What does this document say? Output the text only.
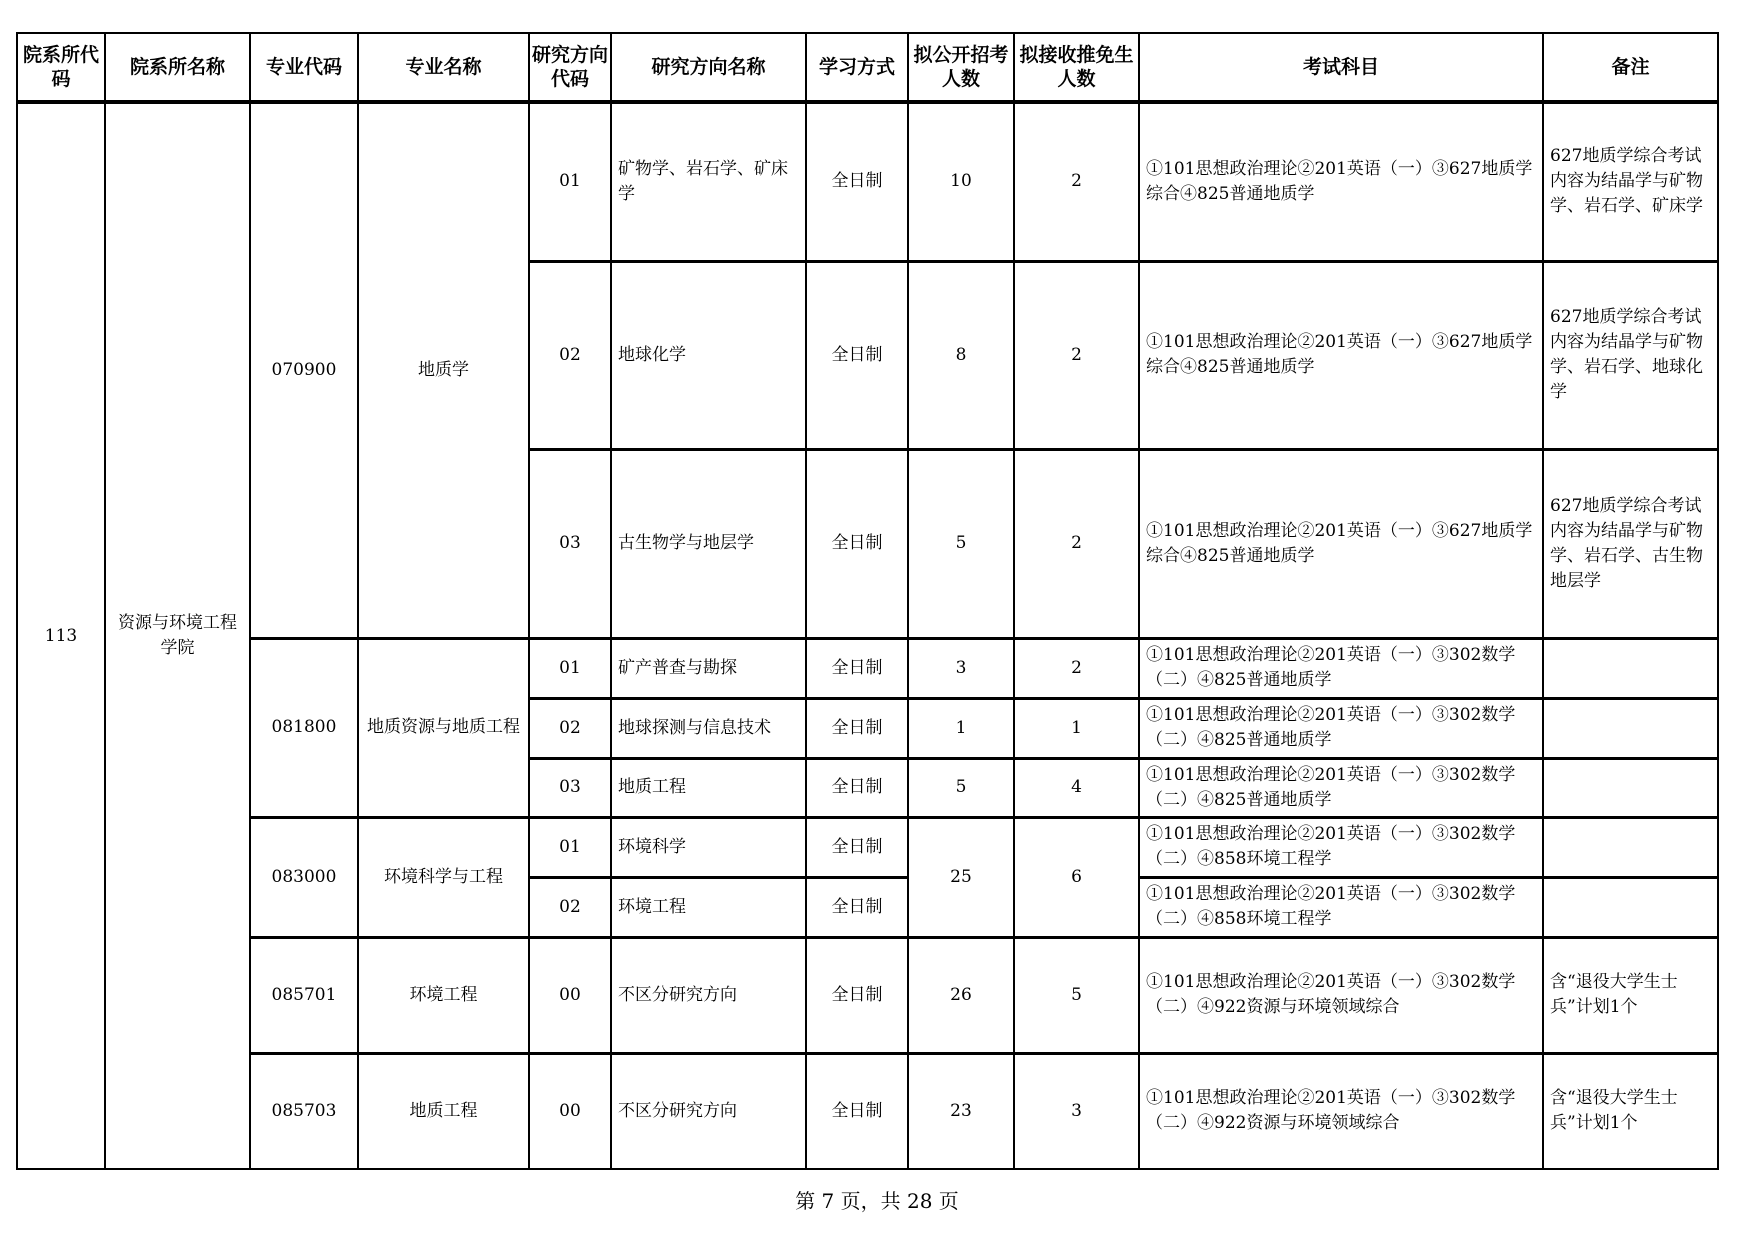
院系所代码	院系所名称	专业代码	专业名称	研究方向代码	研究方向名称	学习方式	拟公开招考人数	拟接收推免生人数	考试科目	备注
113	资源与环境工程学院	070900	地质学	01	矿物学、岩石学、矿床学	全日制	10	2	①101思想政治理论②201英语（一）③627地质学综合④825普通地质学	627地质学综合考试内容为结晶学与矿物学、岩石学、矿床学
				02	地球化学	全日制	8	2	①101思想政治理论②201英语（一）③627地质学综合④825普通地质学	627地质学综合考试内容为结晶学与矿物学、岩石学、地球化学
				03	古生物学与地层学	全日制	5	2	①101思想政治理论②201英语（一）③627地质学综合④825普通地质学	627地质学综合考试内容为结晶学与矿物学、岩石学、古生物地层学
		081800	地质资源与地质工程	01	矿产普查与勘探	全日制	3	2	①101思想政治理论②201英语（一）③302数学（二）④825普通地质学	
				02	地球探测与信息技术	全日制	1	1	①101思想政治理论②201英语（一）③302数学（二）④825普通地质学	
				03	地质工程	全日制	5	4	①101思想政治理论②201英语（一）③302数学（二）④825普通地质学	
		083000	环境科学与工程	01	环境科学	全日制	25	6	①101思想政治理论②201英语（一）③302数学（二）④858环境工程学	
				02	环境工程	全日制			①101思想政治理论②201英语（一）③302数学（二）④858环境工程学	
		085701	环境工程	00	不区分研究方向	全日制	26	5	①101思想政治理论②201英语（一）③302数学（二）④922资源与环境领域综合	含“退役大学生士兵”计划1个
		085703	地质工程	00	不区分研究方向	全日制	23	3	①101思想政治理论②201英语（一）③302数学（二）④922资源与环境领域综合	含“退役大学生士兵”计划1个
第 7 页，共 28 页
